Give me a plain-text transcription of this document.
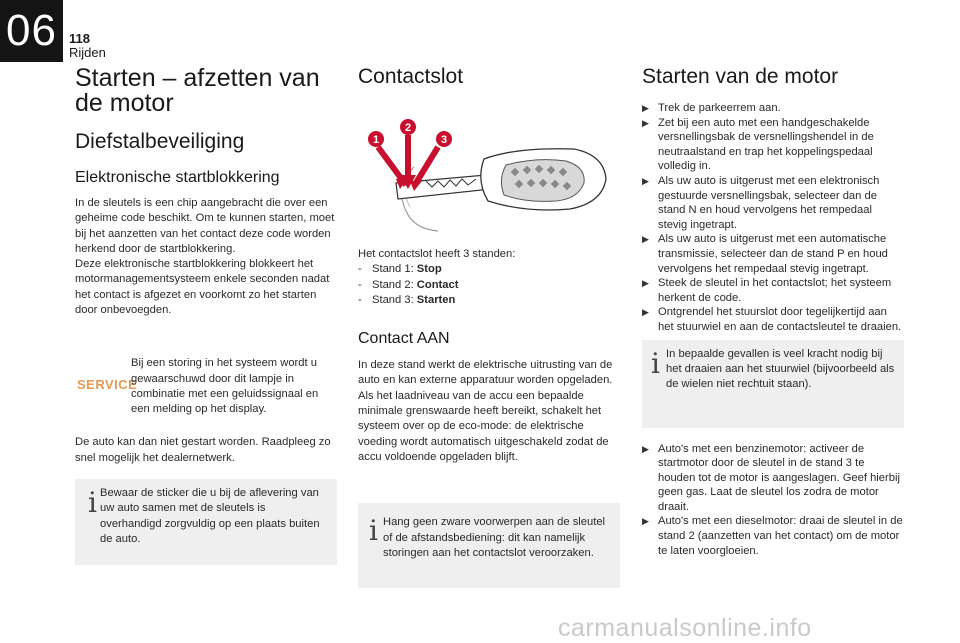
06 118
Rijden
Starten – afzetten van de motor
Diefstalbeveiliging
Elektronische startblokkering

In de sleutels is een chip aangebracht die over een geheime code beschikt. Om te kunnen starten, moet bij het aanzetten van het contact deze code worden herkend door de startblokkering.

Deze elektronische startblokkering blokkeert het motormanagementsysteem enkele seconden nadat het contact is afgezet en voorkomt zo het starten door onbevoegden.

SERVICE

Bij een storing in het systeem wordt u gewaarschuwd door dit lampje in combinatie met een geluidssignaal en een melding op het display.

De auto kan dan niet gestart worden. Raadpleeg zo snel mogelijk het dealernetwerk.

i Bewaar de sticker die u bij de aflevering van uw auto samen met de sleutels is overhandigd zorgvuldig op een plaats buiten de auto.

Contactslot
1
2
3

Het contactslot heeft 3 standen:

- Stand 1: Stop
- Stand 2: Contact
- Stand 3: Starten
Contact AAN

In deze stand werkt de elektrische uitrusting van de auto en kan externe apparatuur worden opgeladen. Als het laadniveau van de accu een bepaalde minimale grenswaarde heeft bereikt, schakelt het systeem over op de eco-mode: de elektrische voeding wordt automatisch uitgeschakeld zodat de accu voldoende opgeladen blijft.

i Hang geen zware voorwerpen aan de sleutel of de afstandsbediening: dit kan namelijk storingen aan het contactslot veroorzaken.

Starten van de motor
▶ Trek de parkeerrem aan.
▶ Zet bij een auto met een handgeschakelde versnellingsbak de versnellingshendel in de neutraalstand en trap het koppelingspedaal volledig in.
▶ Als uw auto is uitgerust met een elektronisch gestuurde versnellingsbak, selecteer dan de stand N en houd vervolgens het rempedaal stevig ingetrapt.
▶ Als uw auto is uitgerust met een automatische transmissie, selecteer dan de stand P en houd vervolgens het rempedaal stevig ingetrapt.
▶ Steek de sleutel in het contactslot; het systeem herkent de code.
▶ Ontgrendel het stuurslot door tegelijkertijd aan het stuurwiel en aan de contactsleutel te draaien.
i In bepaalde gevallen is veel kracht nodig bij het draaien aan het stuurwiel (bijvoorbeeld als de wielen niet rechtuit staan).

▶ Auto's met een benzinemotor: activeer de startmotor door de sleutel in de stand 3 te houden tot de motor is aangeslagen. Geef hierbij geen gas. Laat de sleutel los zodra de motor draait.
▶ Auto's met een dieselmotor: draai de sleutel in de stand 2 (aanzetten van het contact) om de motor te laten voorgloeien.
carmanualsonline.info
